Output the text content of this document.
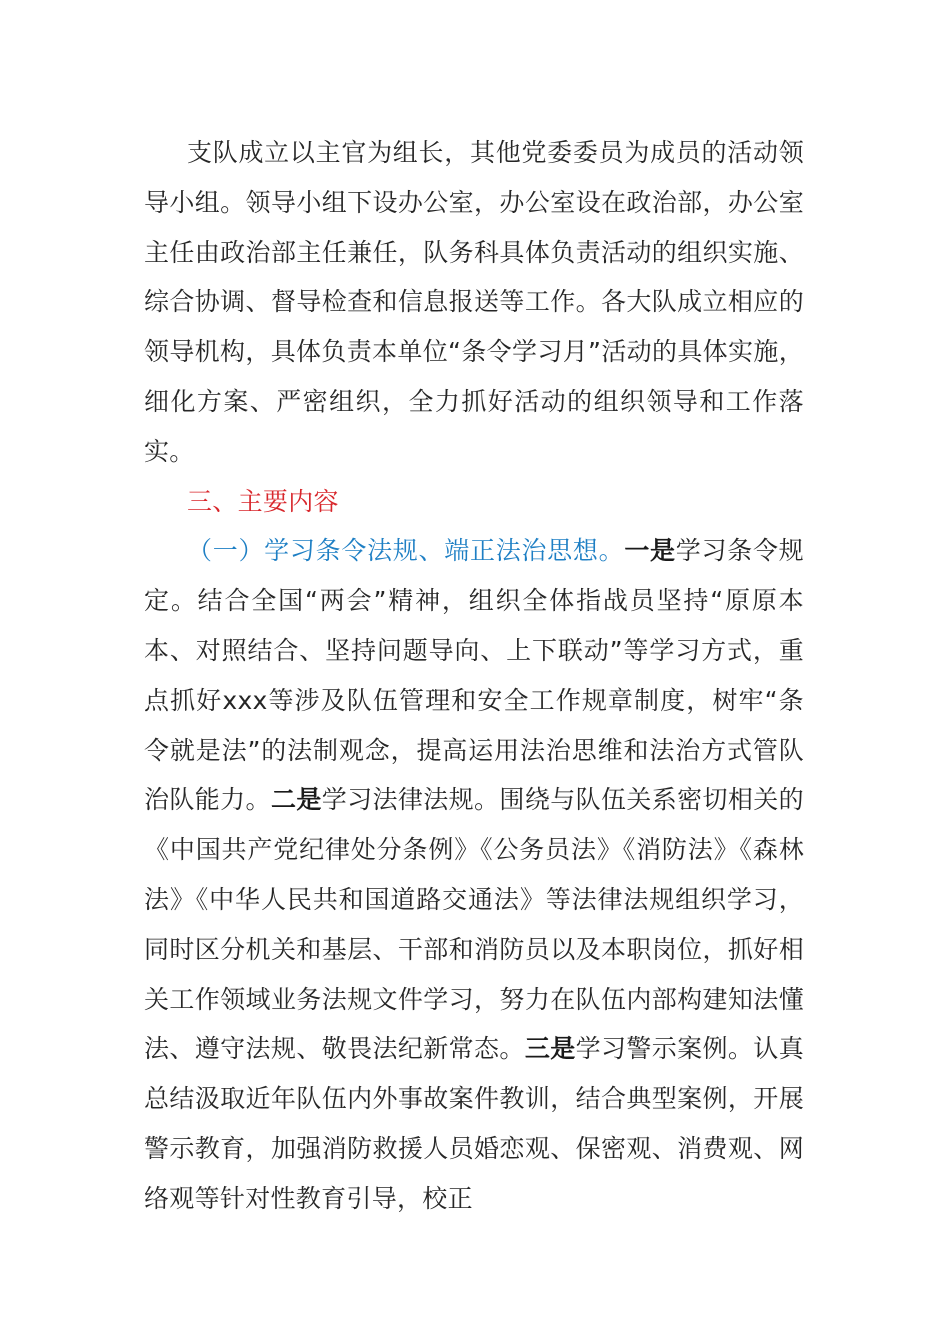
支队成立以主官为组长，其他党委委员为成员的活动领导小组。领导小组下设办公室，办公室设在政治部，办公室主任由政治部主任兼任，队务科具体负责活动的组织实施、综合协调、督导检查和信息报送等工作。各大队成立相应的领导机构，具体负责本单位“条令学习月”活动的具体实施，细化方案、严密组织，全力抓好活动的组织领导和工作落实。

三、主要内容

（一）学习条令法规、端正法治思想。一是学习条令规定。结合全国“两会”精神，组织全体指战员坚持“原原本本、对照结合、坚持问题导向、上下联动”等学习方式，重点抓好xxx等涉及队伍管理和安全工作规章制度，树牢“条令就是法”的法制观念，提高运用法治思维和法治方式管队治队能力。二是学习法律法规。围绕与队伍关系密切相关的《中国共产党纪律处分条例》《公务员法》《消防法》《森林法》《中华人民共和国道路交通法》等法律法规组织学习，同时区分机关和基层、干部和消防员以及本职岗位，抓好相关工作领域业务法规文件学习，努力在队伍内部构建知法懂法、遵守法规、敬畏法纪新常态。三是学习警示案例。认真总结汲取近年队伍内外事故案件教训，结合典型案例，开展警示教育，加强消防救援人员婚恋观、保密观、消费观、网络观等针对性教育引导，校正
